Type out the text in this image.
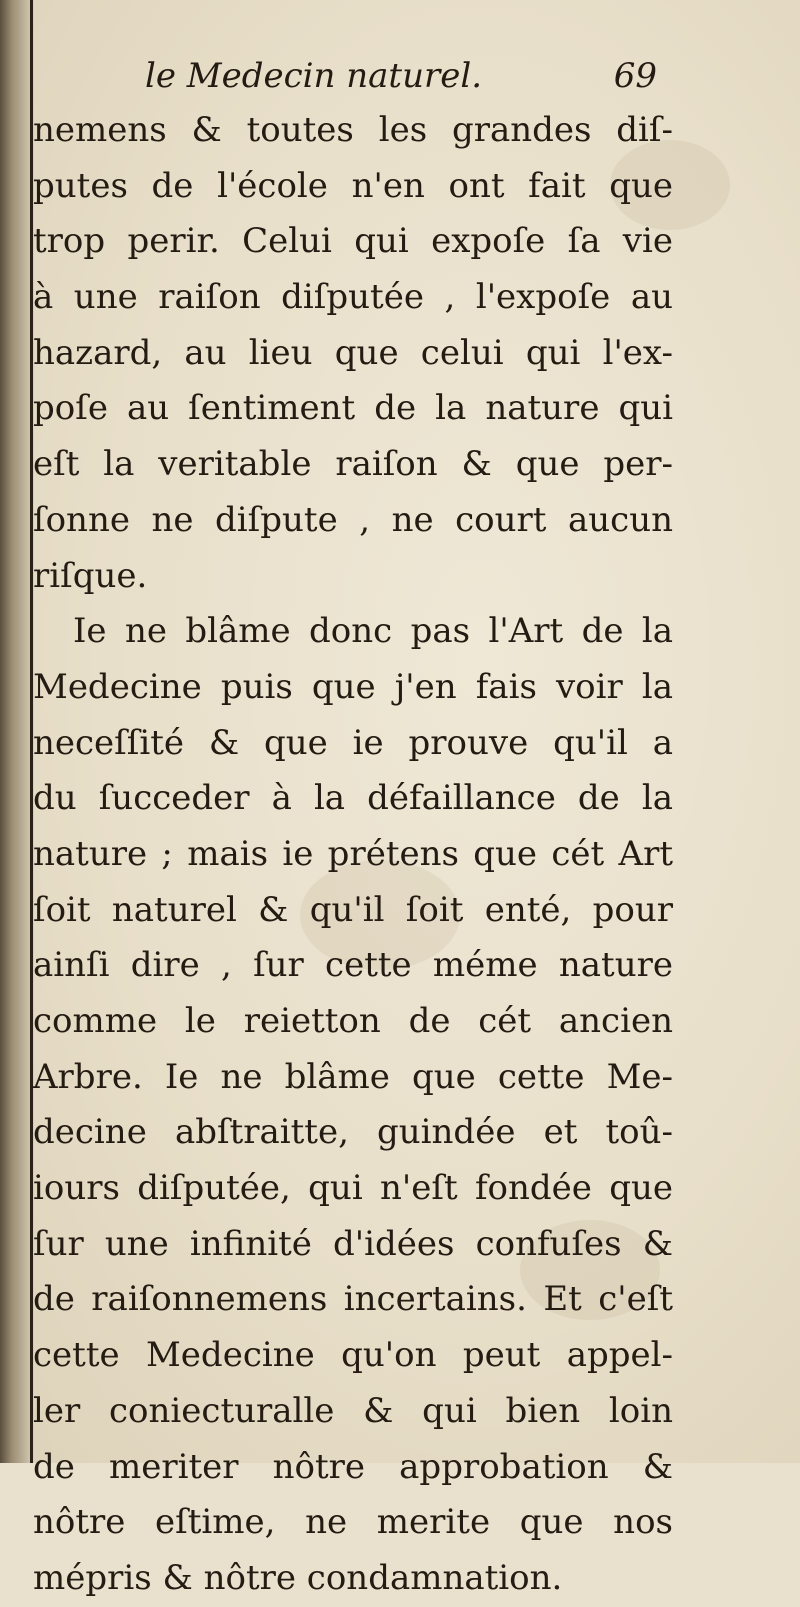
le Medecin naturel.	69
nemens & toutes les grandes diſ-
putes de l'école n'en ont fait que
trop perir. Celui qui expoſe ſa vie
à une raiſon diſputée , l'expoſe au
hazard, au lieu que celui qui l'ex-
poſe au ſentiment de la nature qui
eſt la veritable raiſon & que per-
ſonne ne diſpute , ne court aucun
riſque.
Ie ne blâme donc pas l'Art de la
Medecine puis que j'en fais voir la
neceſſité & que ie prouve qu'il a
du ſucceder à la défaillance de la
nature ; mais ie prétens que cét Art
ſoit naturel & qu'il ſoit enté, pour
ainſi dire , ſur cette méme nature
comme le reietton de cét ancien
Arbre. Ie ne blâme que cette Me-
decine abſtraitte, guindée et toû-
iours diſputée, qui n'eſt fondée que
ſur une infinité d'idées confuſes &
de raiſonnemens incertains. Et c'eſt
cette Medecine qu'on peut appel-
ler coniecturalle & qui bien loin
de meriter nôtre approbation &
nôtre eſtime, ne merite que nos
mépris & nôtre condamnation.
